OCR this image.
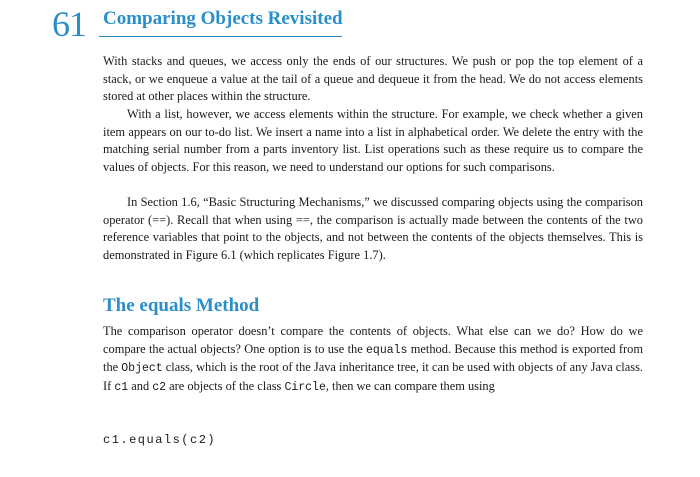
61 Comparing Objects Revisited

With stacks and queues, we access only the ends of our structures. We push or pop the top element of a stack, or we enqueue a value at the tail of a queue and dequeue it from the head. We do not access elements stored at other places within the structure.

With a list, however, we access elements within the structure. For example, we check whether a given item appears on our to-do list. We insert a name into a list in alphabetical order. We delete the entry with the matching serial number from a parts inventory list. List operations such as these require us to compare the values of objects. For this reason, we need to understand our options for such comparisons.

In Section 1.6, “Basic Structuring Mechanisms,” we discussed comparing objects using the comparison operator (==). Recall that when using ==, the comparison is actually made between the contents of the two reference variables that point to the objects, and not between the contents of the objects themselves. This is demonstrated in Figure 6.1 (which replicates Figure 1.7).

The equals Method

The comparison operator doesn’t compare the contents of objects. What else can we do? How do we compare the actual objects? One option is to use the equals method. Because this method is exported from the Object class, which is the root of the Java inheritance tree, it can be used with objects of any Java class. If c1 and c2 are objects of the class Circle, then we can compare them using

c1.equals(c2)
